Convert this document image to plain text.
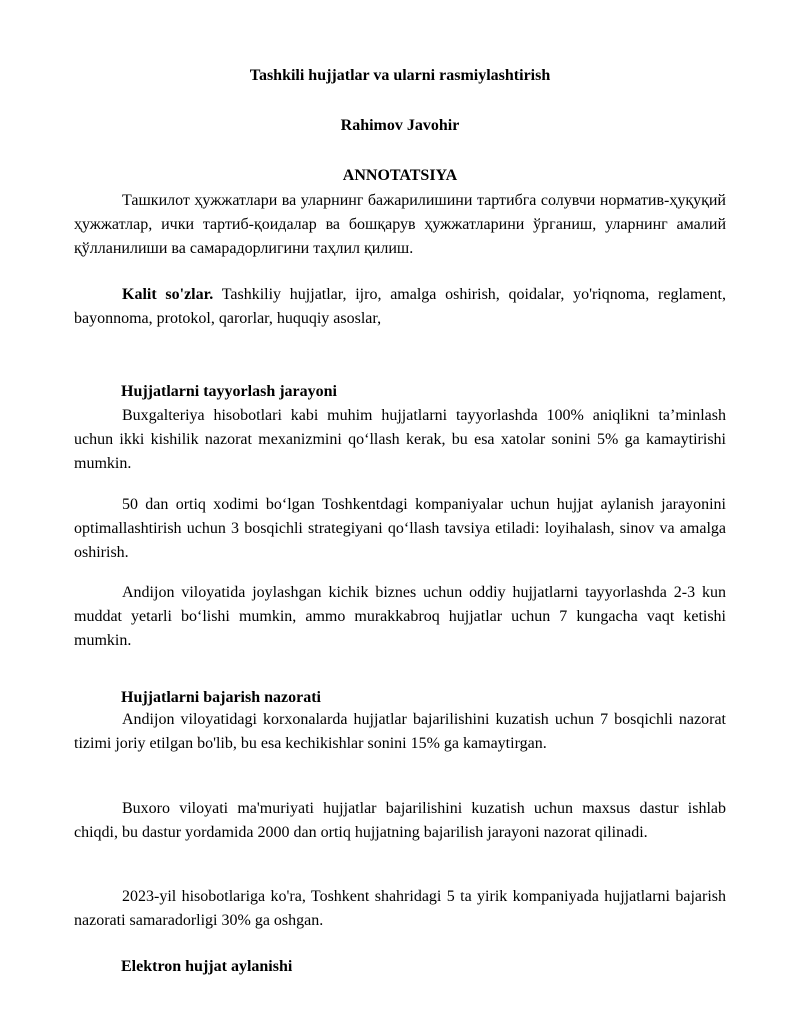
Tashkili hujjatlar va ularni rasmiylashtirish
Rahimov Javohir
ANNOTATSIYA
Ташкилот ҳужжатлари ва уларнинг бажарилишини тартибга солувчи норматив-ҳуқуқий ҳужжатлар, ички тартиб-қоидалар ва бошқарув ҳужжатларини ўрганиш, уларнинг амалий қўлланилиши ва самарадорлигини таҳлил қилиш.
Kalit so'zlar. Tashkiliy hujjatlar, ijro, amalga oshirish, qoidalar, yo'riqnoma, reglament, bayonnoma, protokol, qarorlar, huquqiy asoslar,
Hujjatlarni tayyorlash jarayoni
Buxgalteriya hisobotlari kabi muhim hujjatlarni tayyorlashda 100% aniqlikni taʼminlash uchun ikki kishilik nazorat mexanizmini qoʻllash kerak, bu esa xatolar sonini 5% ga kamaytirishi mumkin.
50 dan ortiq xodimi boʻlgan Toshkentdagi kompaniyalar uchun hujjat aylanish jarayonini optimallashtirish uchun 3 bosqichli strategiyani qoʻllash tavsiya etiladi: loyihalash, sinov va amalga oshirish.
Andijon viloyatida joylashgan kichik biznes uchun oddiy hujjatlarni tayyorlashda 2-3 kun muddat yetarli boʻlishi mumkin, ammo murakkabroq hujjatlar uchun 7 kungacha vaqt ketishi mumkin.
Hujjatlarni bajarish nazorati
Andijon viloyatidagi korxonalarda hujjatlar bajarilishini kuzatish uchun 7 bosqichli nazorat tizimi joriy etilgan bo'lib, bu esa kechikishlar sonini 15% ga kamaytirgan.
Buxoro viloyati ma'muriyati hujjatlar bajarilishini kuzatish uchun maxsus dastur ishlab chiqdi, bu dastur yordamida 2000 dan ortiq hujjatning bajarilish jarayoni nazorat qilinadi.
2023-yil hisobotlariga ko'ra, Toshkent shahridagi 5 ta yirik kompaniyada hujjatlarni bajarish nazorati samaradorligi 30% ga oshgan.
Elektron hujjat aylanishi
